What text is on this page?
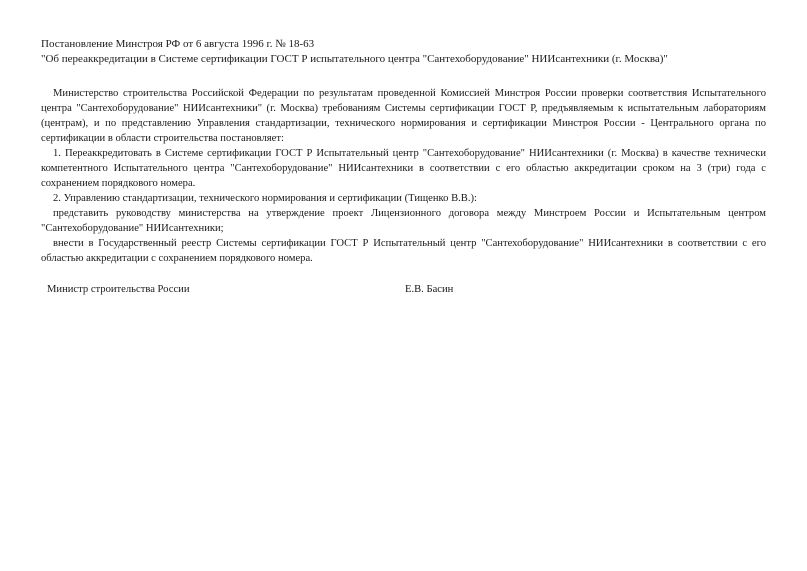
Постановление Минстроя РФ от 6 августа 1996 г. № 18-63

"Об переаккредитации в Системе сертификации ГОСТ Р испытательного центра "Сантехоборудование" НИИсантехники (г. Москва)"

Министерство строительства Российской Федерации по результатам проведенной Комиссией Минстроя России проверки соответствия Испытательного центра "Сантехоборудование" НИИсантехники" (г. Москва) требованиям Системы сертификации ГОСТ Р, предъявляемым к испытательным лабораториям (центрам), и по представлению Управления стандартизации, технического нормирования и сертификации Минстроя России - Центрального органа по сертификации в области строительства постановляет:

1. Переаккредитовать в Системе сертификации ГОСТ Р Испытательный центр "Сантехоборудование" НИИсантехники (г. Москва) в качестве технически компетентного Испытательного центра "Сантехоборудование" НИИсантехники в соответствии с его областью аккредитации сроком на 3 (три) года с сохранением порядкового номера.

2. Управлению стандартизации, технического нормирования и сертификации (Тищенко В.В.):

представить руководству министерства на утверждение проект Лицензионного договора между Минстроем России и Испытательным центром "Сантехоборудование" НИИсантехники;

внести в Государственный реестр Системы сертификации ГОСТ Р Испытательный центр "Сантехоборудование" НИИсантехники в соответствии с его областью аккредитации с сохранением порядкового номера.

Министр строительства России	Е.В. Басин
